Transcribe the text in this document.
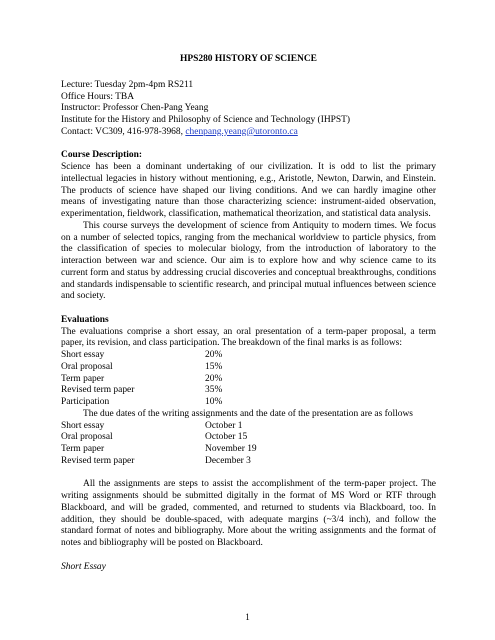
HPS280 HISTORY OF SCIENCE

Lecture: Tuesday 2pm-4pm RS211

Office Hours: TBA

Instructor: Professor Chen-Pang Yeang

Institute for the History and Philosophy of Science and Technology (IHPST)

Contact: VC309, 416-978-3968, chenpang.yeang@utoronto.ca

Course Description:

Science has been a dominant undertaking of our civilization. It is odd to list the primary intellectual legacies in history without mentioning, e.g., Aristotle, Newton, Darwin, and Einstein. The products of science have shaped our living conditions. And we can hardly imagine other means of investigating nature than those characterizing science: instrument-aided observation, experimentation, fieldwork, classification, mathematical theorization, and statistical data analysis.

This course surveys the development of science from Antiquity to modern times. We focus on a number of selected topics, ranging from the mechanical worldview to particle physics, from the classification of species to molecular biology, from the introduction of laboratory to the interaction between war and science. Our aim is to explore how and why science came to its current form and status by addressing crucial discoveries and conceptual breakthroughs, conditions and standards indispensable to scientific research, and principal mutual influences between science and society.

Evaluations

The evaluations comprise a short essay, an oral presentation of a term-paper proposal, a term paper, its revision, and class participation. The breakdown of the final marks is as follows:

Short essay	20%
Oral proposal	15%
Term paper	20%
Revised term paper	35%
Participation	10%

The due dates of the writing assignments and the date of the presentation are as follows

Short essay	October 1
Oral proposal	October 15
Term paper	November 19
Revised term paper	December 3

All the assignments are steps to assist the accomplishment of the term-paper project. The writing assignments should be submitted digitally in the format of MS Word or RTF through Blackboard, and will be graded, commented, and returned to students via Blackboard, too. In addition, they should be double-spaced, with adequate margins (~3/4 inch), and follow the standard format of notes and bibliography. More about the writing assignments and the format of notes and bibliography will be posted on Blackboard.

Short Essay

1
